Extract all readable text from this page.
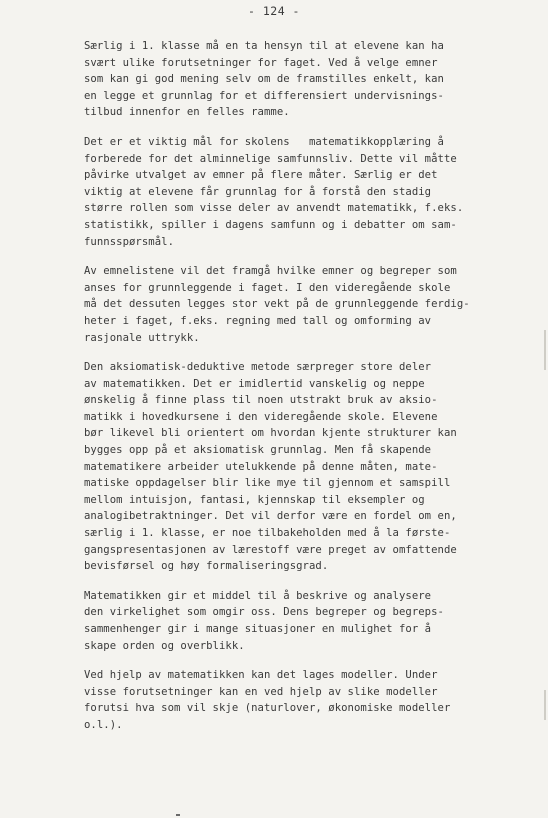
- 124 -

Særlig i 1. klasse må en ta hensyn til at elevene kan ha
svært ulike forutsetninger for faget. Ved å velge emner
som kan gi god mening selv om de framstilles enkelt, kan
en legge et grunnlag for et differensiert undervisnings-
tilbud innenfor en felles ramme.

Det er et viktig mål for skolens   matematikkopplæring å
forberede for det alminnelige samfunnsliv. Dette vil måtte
påvirke utvalget av emner på flere måter. Særlig er det
viktig at elevene får grunnlag for å forstå den stadig
større rollen som visse deler av anvendt matematikk, f.eks.
statistikk, spiller i dagens samfunn og i debatter om sam-
funnsspørsmål.

Av emnelistene vil det framgå hvilke emner og begreper som
anses for grunnleggende i faget. I den videregående skole
må det dessuten legges stor vekt på de grunnleggende ferdig-
heter i faget, f.eks. regning med tall og omforming av
rasjonale uttrykk.

Den aksiomatisk-deduktive metode særpreger store deler
av matematikken. Det er imidlertid vanskelig og neppe
ønskelig å finne plass til noen utstrakt bruk av aksio-
matikk i hovedkursene i den videregående skole. Elevene
bør likevel bli orientert om hvordan kjente strukturer kan
bygges opp på et aksiomatisk grunnlag. Men få skapende
matematikere arbeider utelukkende på denne måten, mate-
matiske oppdagelser blir like mye til gjennom et samspill
mellom intuisjon, fantasi, kjennskap til eksempler og
analogibetraktninger. Det vil derfor være en fordel om en,
særlig i 1. klasse, er noe tilbakeholden med å la første-
gangspresentasjonen av lærestoff være preget av omfattende
bevisførsel og høy formaliseringsgrad.

Matematikken gir et middel til å beskrive og analysere
den virkelighet som omgir oss. Dens begreper og begreps-
sammenhenger gir i mange situasjoner en mulighet for å
skape orden og overblikk.

Ved hjelp av matematikken kan det lages modeller. Under
visse forutsetninger kan en ved hjelp av slike modeller
forutsi hva som vil skje (naturlover, økonomiske modeller
o.l.).
